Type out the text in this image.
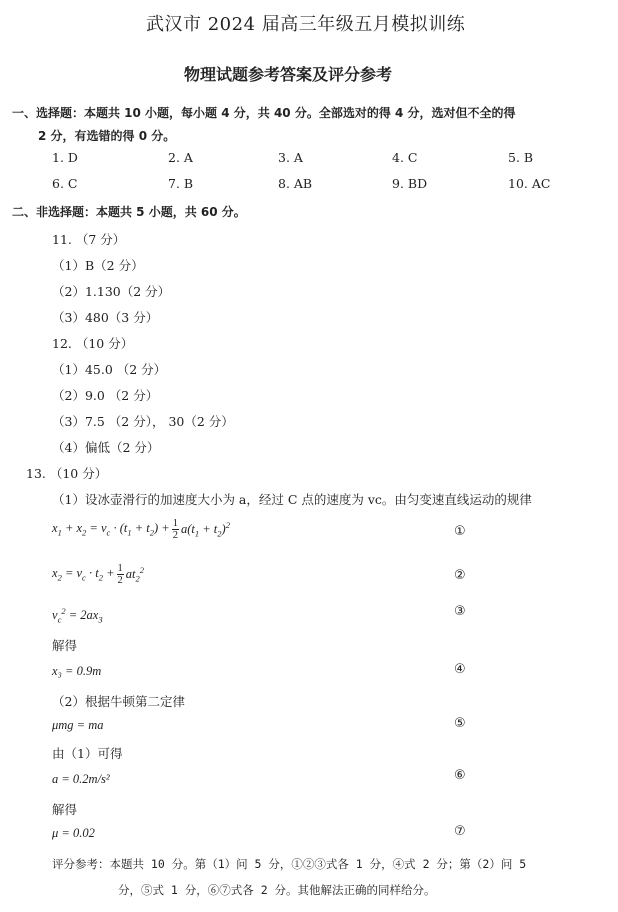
武汉市 2024 届高三年级五月模拟训练
物理试题参考答案及评分参考
一、选择题：本题共 10 小题，每小题 4 分，共 40 分。全部选对的得 4 分，选对但不全的得
2 分，有选错的得 0 分。
1. D	2. A	3. A	4. C	5. B
6. C	7. B	8. AB	9. BD	10. AC
二、非选择题：本题共 5 小题，共 60 分。
11. （7 分）
（1）B（2 分）
（2）1.130（2 分）
（3）480（3 分）
12. （10 分）
（1）45.0 （2 分）
（2）9.0 （2 分）
（3）7.5 （2 分）， 30（2 分）
（4）偏低（2 分）
13. （10 分）
（1）设冰壶滑行的加速度大小为 a，经过 C 点的速度为 vc。由匀变速直线运动的规律
$x_1 + x_2 = v_c \cdot (t_1 + t_2) + \frac{1}{2} a(t_1 + t_2)^2$	①
$x_2 = v_c \cdot t_2 + \frac{1}{2} at_2^2$	②
$v_c^2 = 2ax_3$
③
解得
x₃ = 0.9m	④
（2）根据牛顿第二定律
μmg = ma	⑤
由（1）可得
a = 0.2m/s²	⑥
解得
μ = 0.02	⑦
评分参考：本题共 10 分。第（1）问 5 分，①②③式各 1 分，④式 2 分；第（2）问 5
分，⑤式 1 分，⑥⑦式各 2 分。其他解法正确的同样给分。
